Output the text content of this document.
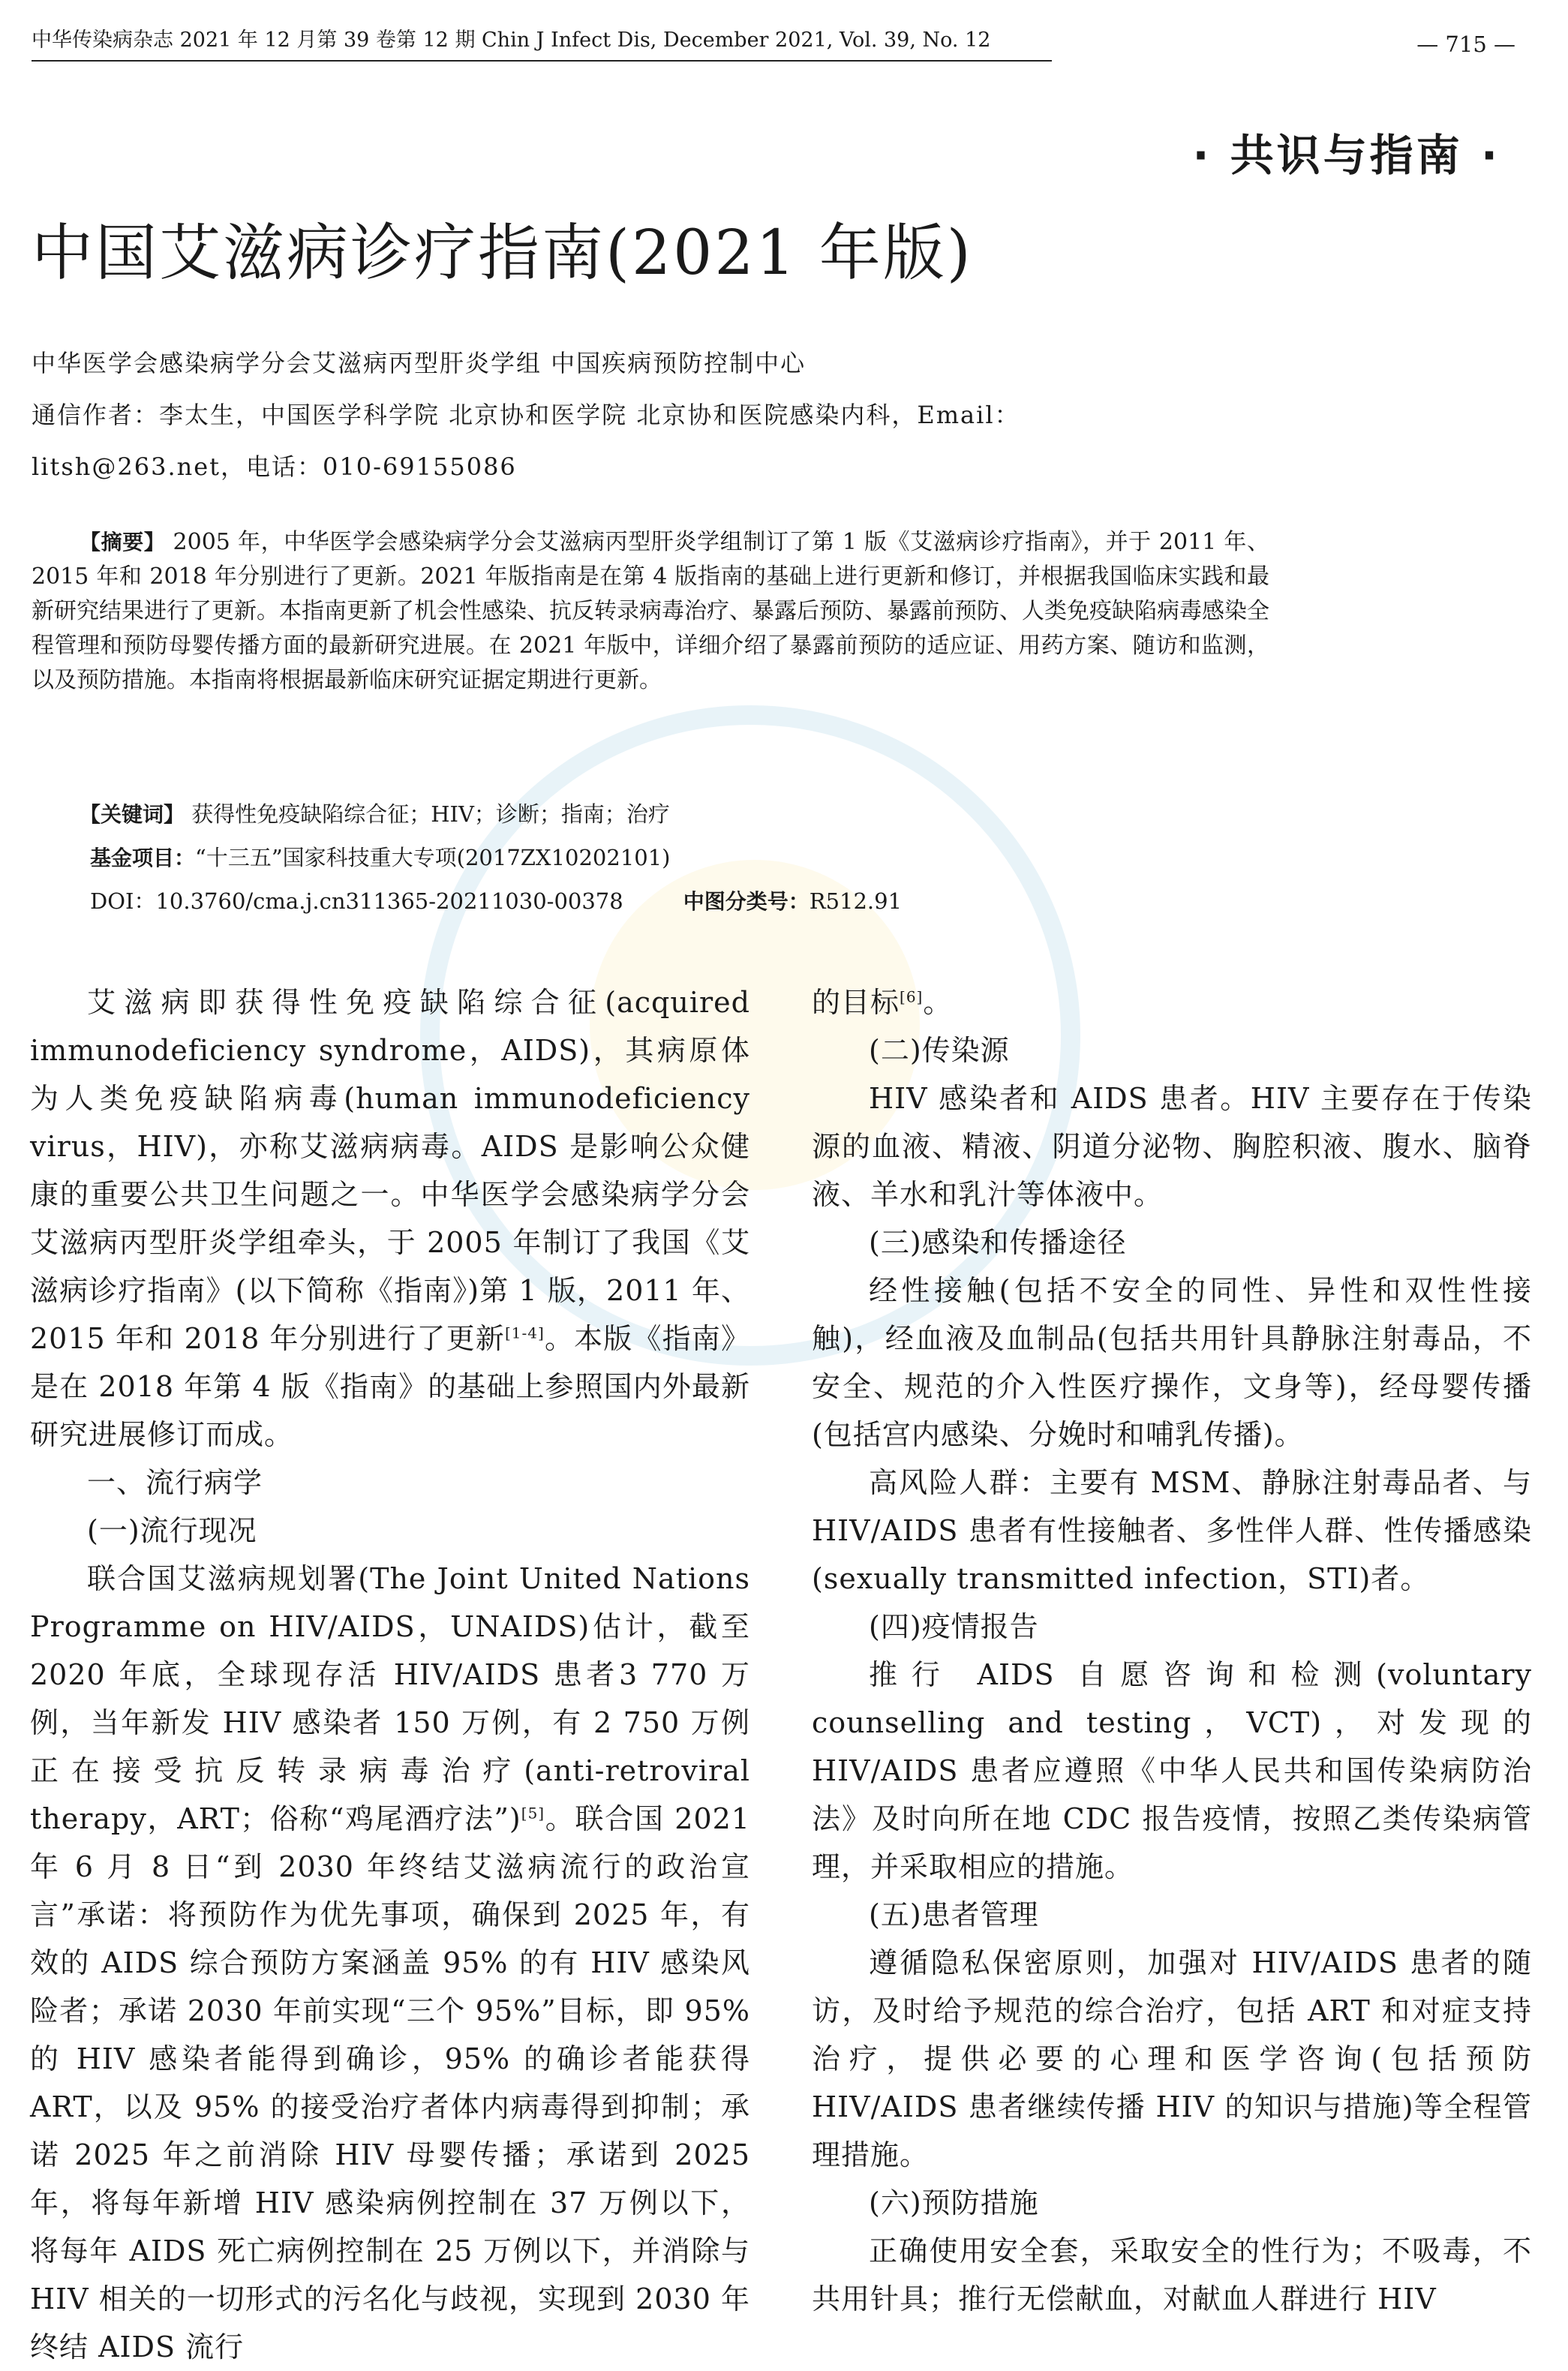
中华传染病杂志 2021 年 12 月第 39 卷第 12 期 Chin J Infect Dis, December 2021, Vol. 39, No. 12	— 715 —
· 共识与指南 ·
中国艾滋病诊疗指南(2021 年版)
中华医学会感染病学分会艾滋病丙型肝炎学组 中国疾病预防控制中心
通信作者：李太生，中国医学科学院 北京协和医学院 北京协和医院感染内科，Email：
litsh@263.net，电话：010-69155086
【摘要】 2005 年，中华医学会感染病学分会艾滋病丙型肝炎学组制订了第 1 版《艾滋病诊疗指南》，并于 2011 年、2015 年和 2018 年分别进行了更新。2021 年版指南是在第 4 版指南的基础上进行更新和修订，并根据我国临床实践和最新研究结果进行了更新。本指南更新了机会性感染、抗反转录病毒治疗、暴露后预防、暴露前预防、人类免疫缺陷病毒感染全程管理和预防母婴传播方面的最新研究进展。在 2021 年版中，详细介绍了暴露前预防的适应证、用药方案、随访和监测，以及预防措施。本指南将根据最新临床研究证据定期进行更新。
【关键词】 获得性免疫缺陷综合征；HIV；诊断；指南；治疗
基金项目：“十三五”国家科技重大专项(2017ZX10202101)
DOI：10.3760/cma.j.cn311365-20211030-00378	中图分类号：R512.91

艾滋病即获得性免疫缺陷综合征(acquired immunodeficiency syndrome，AIDS)，其病原体为人类免疫缺陷病毒(human immunodeficiency virus，HIV)，亦称艾滋病病毒。AIDS 是影响公众健康的重要公共卫生问题之一。中华医学会感染病学分会艾滋病丙型肝炎学组牵头，于 2005 年制订了我国《艾滋病诊疗指南》(以下简称《指南》)第 1 版，2011 年、2015 年和 2018 年分别进行了更新[1-4]。本版《指南》是在 2018 年第 4 版《指南》的基础上参照国内外最新研究进展修订而成。

一、流行病学
(一)流行现况

联合国艾滋病规划署(The Joint United Nations Programme on HIV/AIDS，UNAIDS)估计，截至 2020 年底，全球现存活 HIV/AIDS 患者3 770 万例，当年新发 HIV 感染者 150 万例，有 2 750 万例正在接受抗反转录病毒治疗(anti-retroviral therapy，ART；俗称“鸡尾酒疗法”)[5]。联合国 2021 年 6 月 8 日“到 2030 年终结艾滋病流行的政治宣言”承诺：将预防作为优先事项，确保到 2025 年，有效的 AIDS 综合预防方案涵盖 95% 的有 HIV 感染风险者；承诺 2030 年前实现“三个 95%”目标，即 95% 的 HIV 感染者能得到确诊，95% 的确诊者能获得 ART，以及 95% 的接受治疗者体内病毒得到抑制；承诺 2025 年之前消除 HIV 母婴传播；承诺到 2025 年，将每年新增 HIV 感染病例控制在 37 万例以下，将每年 AIDS 死亡病例控制在 25 万例以下，并消除与 HIV 相关的一切形式的污名化与歧视，实现到 2030 年终结 AIDS 流行

的目标[6]。

(二)传染源

HIV 感染者和 AIDS 患者。HIV 主要存在于传染源的血液、精液、阴道分泌物、胸腔积液、腹水、脑脊液、羊水和乳汁等体液中。

(三)感染和传播途径

经性接触(包括不安全的同性、异性和双性性接触)，经血液及血制品(包括共用针具静脉注射毒品，不安全、规范的介入性医疗操作，文身等)，经母婴传播(包括宫内感染、分娩时和哺乳传播)。

高风险人群：主要有 MSM、静脉注射毒品者、与 HIV/AIDS 患者有性接触者、多性伴人群、性传播感染(sexually transmitted infection，STI)者。

(四)疫情报告

推行 AIDS 自愿咨询和检测(voluntary counselling and testing，VCT)，对发现的 HIV/AIDS 患者应遵照《中华人民共和国传染病防治法》及时向所在地 CDC 报告疫情，按照乙类传染病管理，并采取相应的措施。

(五)患者管理

遵循隐私保密原则，加强对 HIV/AIDS 患者的随访，及时给予规范的综合治疗，包括 ART 和对症支持治疗，提供必要的心理和医学咨询(包括预防 HIV/AIDS 患者继续传播 HIV 的知识与措施)等全程管理措施。

(六)预防措施

正确使用安全套，采取安全的性行为；不吸毒，不共用针具；推行无偿献血，对献血人群进行 HIV
